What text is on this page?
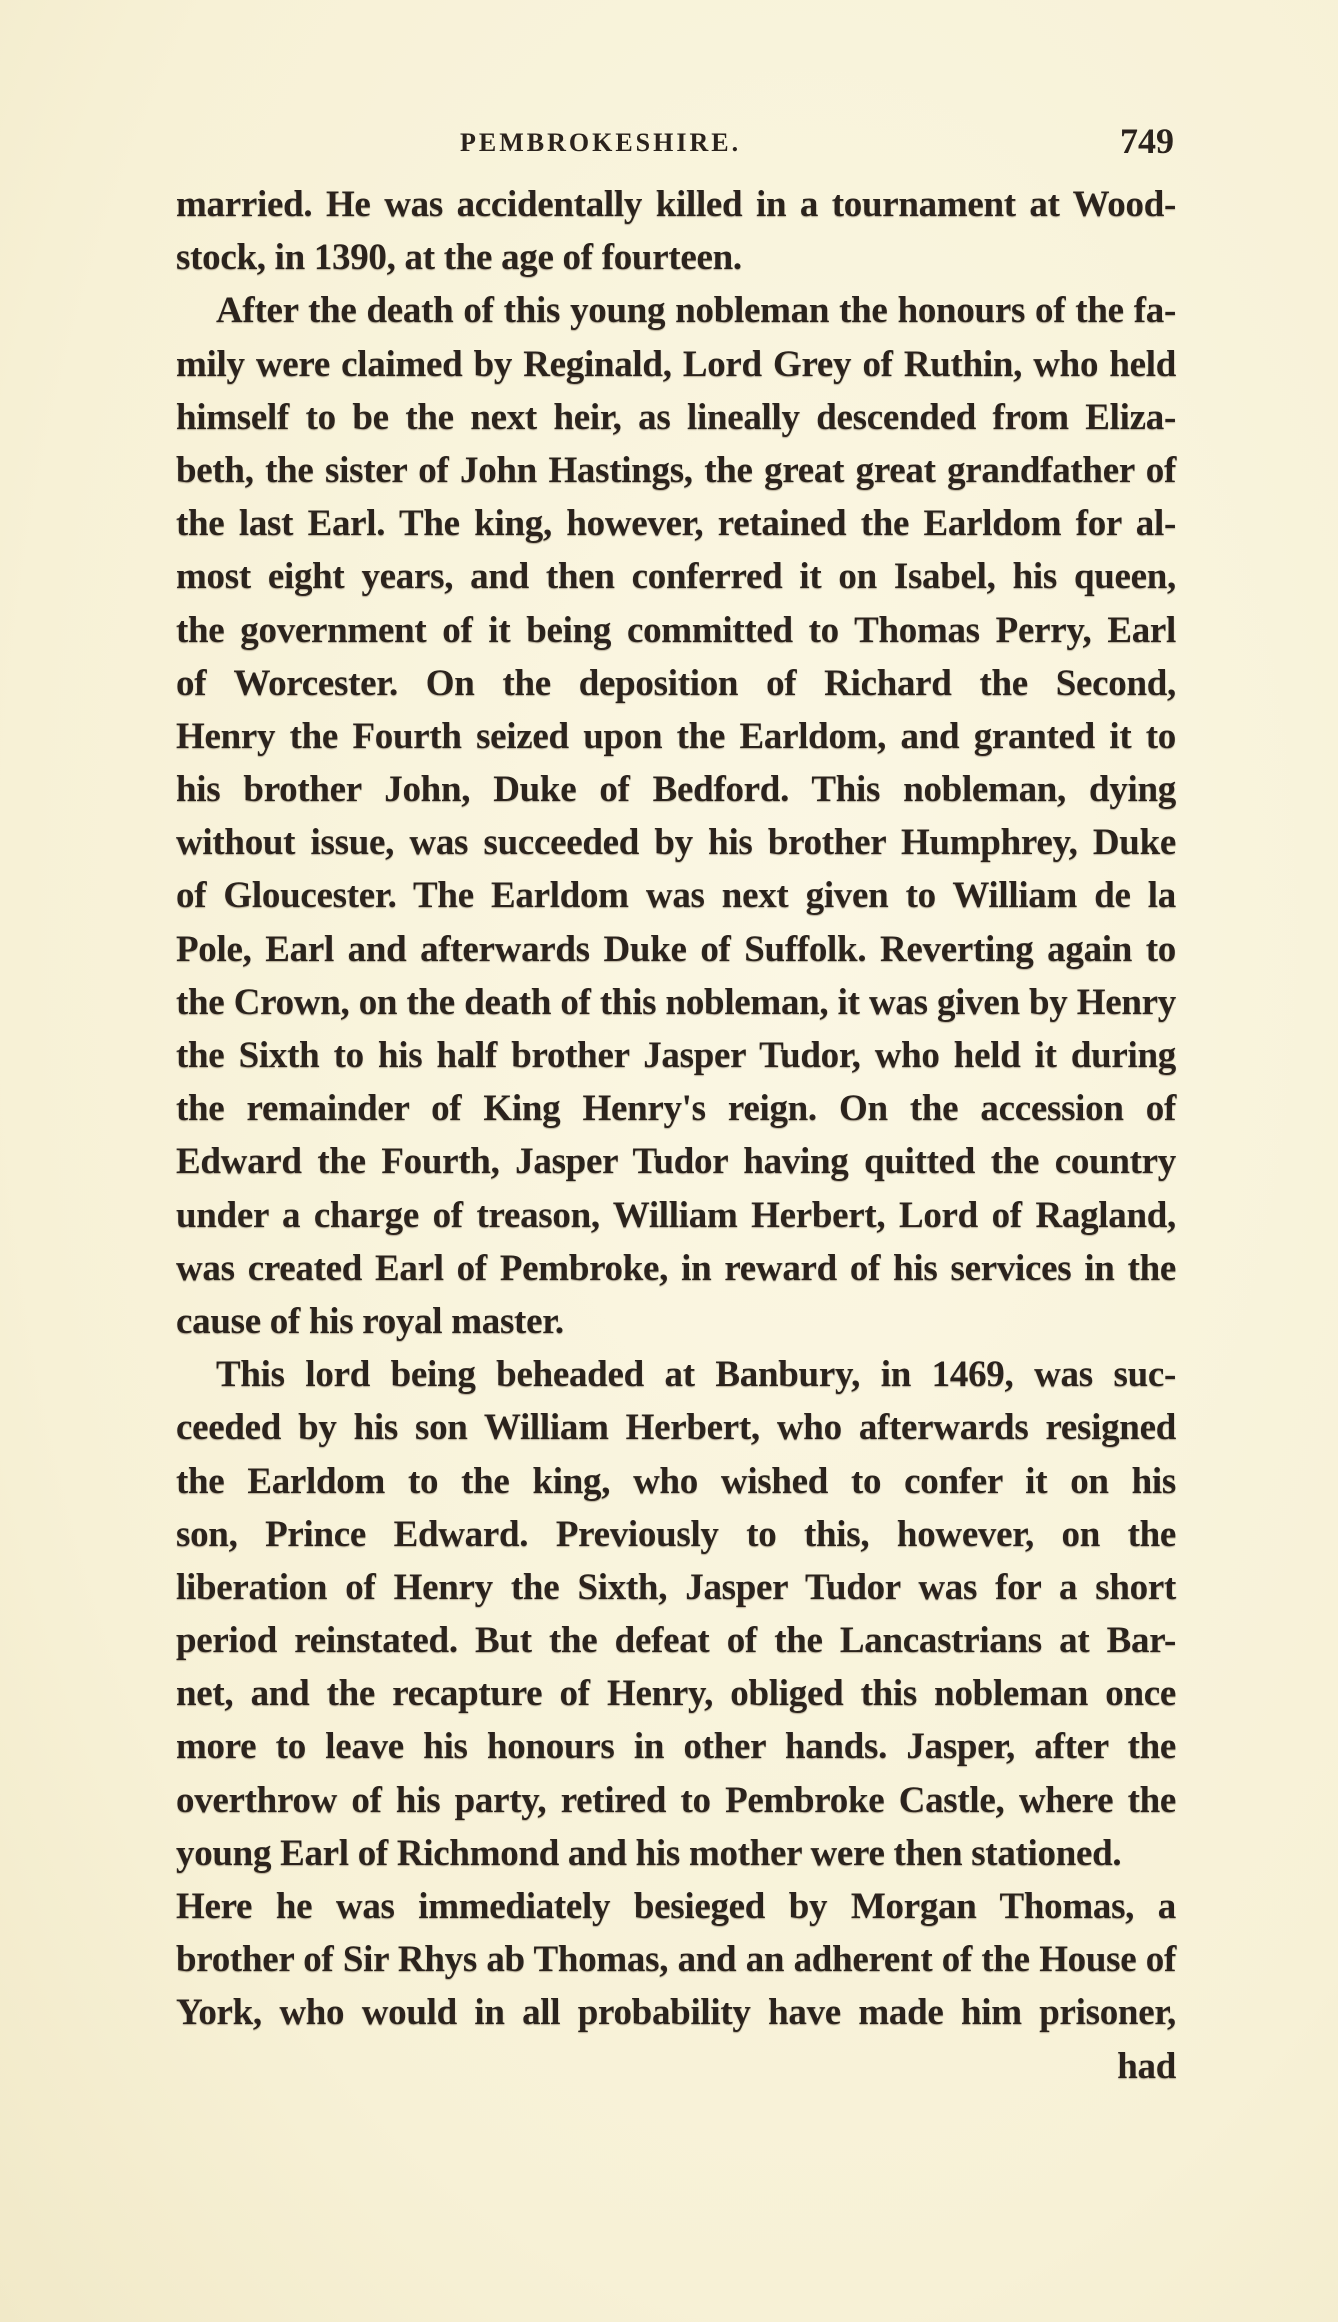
PEMBROKESHIRE.	749
married. He was accidentally killed in a tournament at Wood-
stock, in 1390, at the age of fourteen.
After the death of this young nobleman the honours of the fa-
mily were claimed by Reginald, Lord Grey of Ruthin, who held
himself to be the next heir, as lineally descended from Eliza-
beth, the sister of John Hastings, the great great grandfather of
the last Earl. The king, however, retained the Earldom for al-
most eight years, and then conferred it on Isabel, his queen,
the government of it being committed to Thomas Perry, Earl
of Worcester. On the deposition of Richard the Second,
Henry the Fourth seized upon the Earldom, and granted it to
his brother John, Duke of Bedford. This nobleman, dying
without issue, was succeeded by his brother Humphrey, Duke
of Gloucester. The Earldom was next given to William de la
Pole, Earl and afterwards Duke of Suffolk. Reverting again to
the Crown, on the death of this nobleman, it was given by Henry
the Sixth to his half brother Jasper Tudor, who held it during
the remainder of King Henry's reign. On the accession of
Edward the Fourth, Jasper Tudor having quitted the country
under a charge of treason, William Herbert, Lord of Ragland,
was created Earl of Pembroke, in reward of his services in the
cause of his royal master.
This lord being beheaded at Banbury, in 1469, was suc-
ceeded by his son William Herbert, who afterwards resigned
the Earldom to the king, who wished to confer it on his
son, Prince Edward. Previously to this, however, on the
liberation of Henry the Sixth, Jasper Tudor was for a short
period reinstated. But the defeat of the Lancastrians at Bar-
net, and the recapture of Henry, obliged this nobleman once
more to leave his honours in other hands. Jasper, after the
overthrow of his party, retired to Pembroke Castle, where the
young Earl of Richmond and his mother were then stationed.
Here he was immediately besieged by Morgan Thomas, a
brother of Sir Rhys ab Thomas, and an adherent of the House of
York, who would in all probability have made him prisoner,
had
